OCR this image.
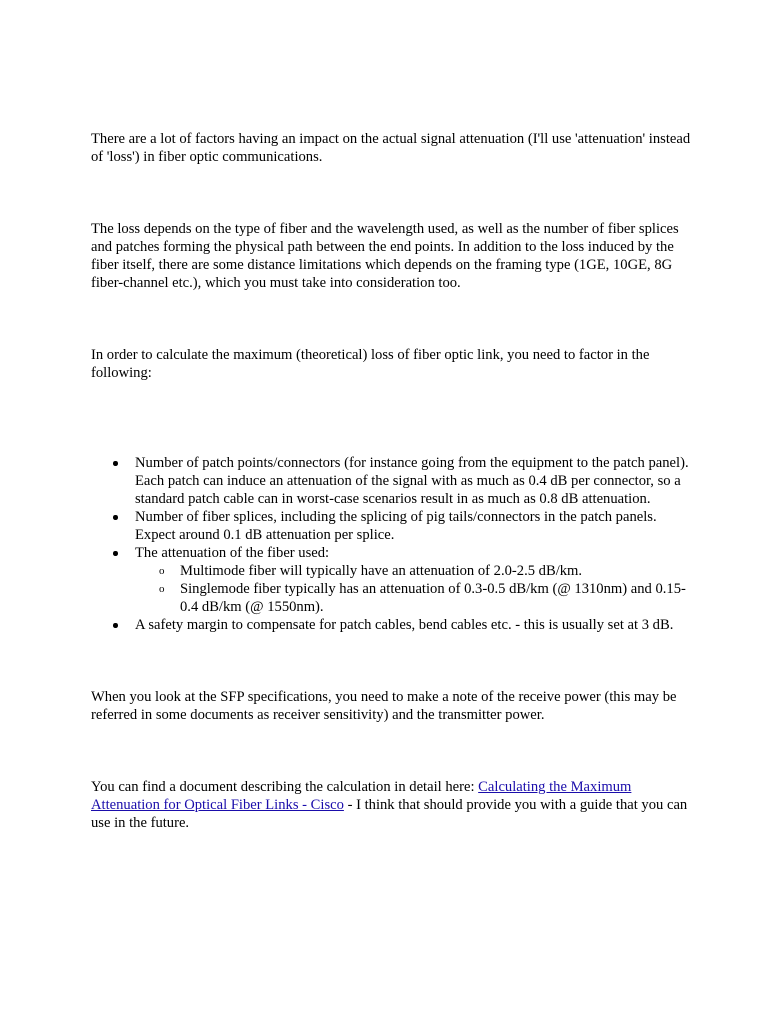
There are a lot of factors having an impact on the actual signal attenuation (I'll use 'attenuation' instead of 'loss') in fiber optic communications.

The loss depends on the type of fiber and the wavelength used, as well as the number of fiber splices and patches forming the physical path between the end points. In addition to the loss induced by the fiber itself, there are some distance limitations which depends on the framing type (1GE, 10GE, 8G fiber-channel etc.), which you must take into consideration too.

In order to calculate the maximum (theoretical) loss of fiber optic link, you need to factor in the following:

Number of patch points/connectors (for instance going from the equipment to the patch panel). Each patch can induce an attenuation of the signal with as much as 0.4 dB per connector, so a standard patch cable can in worst-case scenarios result in as much as 0.8 dB attenuation.
Number of fiber splices, including the splicing of pig tails/connectors in the patch panels. Expect around 0.1 dB attenuation per splice.
The attenuation of the fiber used:
o Multimode fiber will typically have an attenuation of 2.0-2.5 dB/km.
o Singlemode fiber typically has an attenuation of 0.3-0.5 dB/km (@ 1310nm) and 0.15-0.4 dB/km (@ 1550nm).
A safety margin to compensate for patch cables, bend cables etc. - this is usually set at 3 dB.

When you look at the SFP specifications, you need to make a note of the receive power (this may be referred in some documents as receiver sensitivity) and the transmitter power.

You can find a document describing the calculation in detail here: Calculating the Maximum Attenuation for Optical Fiber Links - Cisco - I think that should provide you with a guide that you can use in the future.
